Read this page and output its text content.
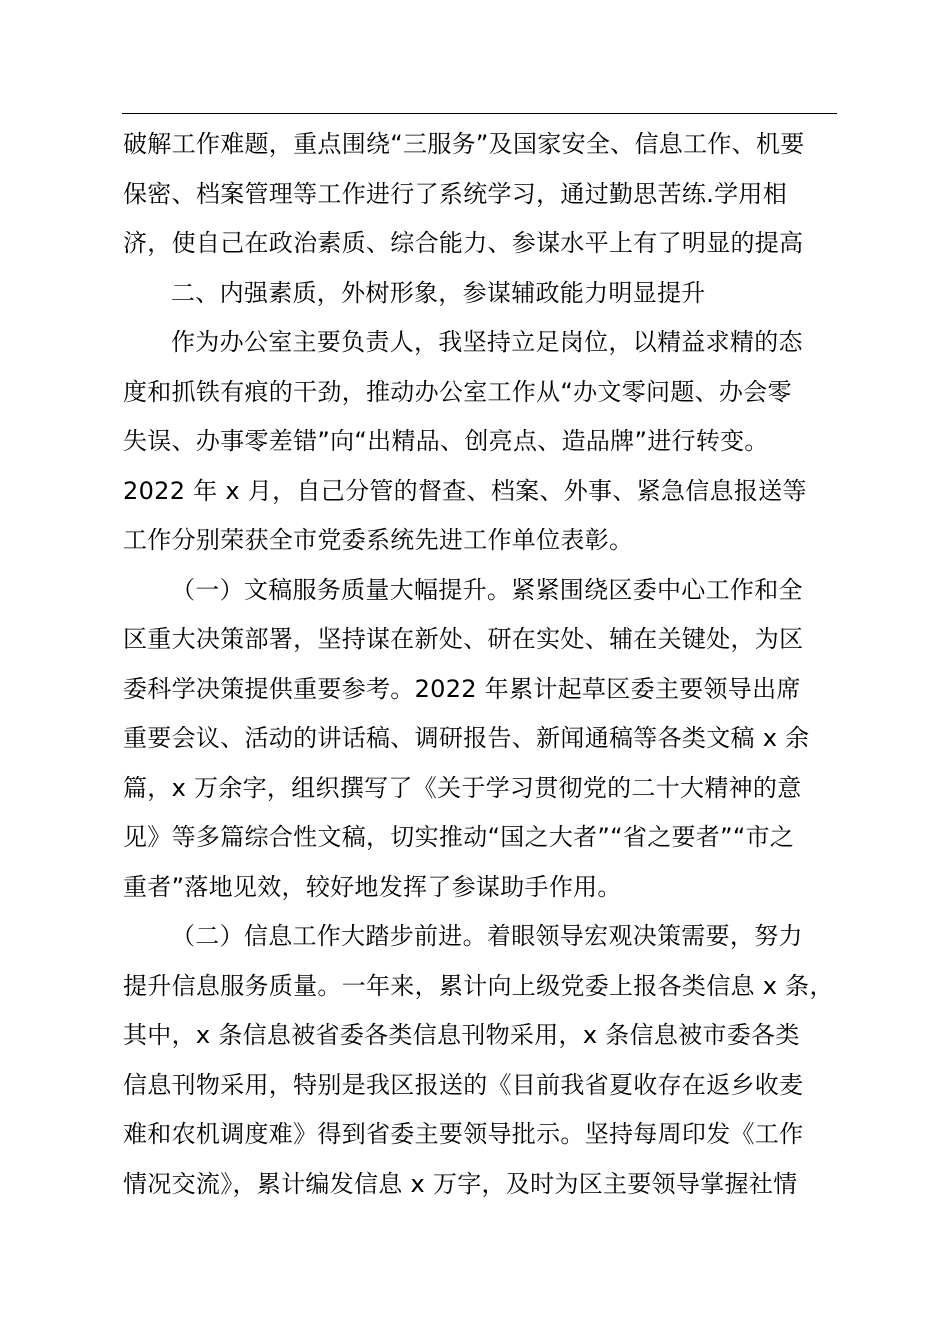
破解工作难题，重点围绕“三服务”及国家安全、信息工作、机要
保密、档案管理等工作进行了系统学习，通过勤思苦练.学用相
济，使自己在政治素质、综合能力、参谋水平上有了明显的提高
二、内强素质，外树形象，参谋辅政能力明显提升
作为办公室主要负责人，我坚持立足岗位，以精益求精的态
度和抓铁有痕的干劲，推动办公室工作从“办文零问题、办会零
失误、办事零差错”向“出精品、创亮点、造品牌”进行转变。
2022 年 x 月，自己分管的督查、档案、外事、紧急信息报送等
工作分别荣获全市党委系统先进工作单位表彰。
（一）文稿服务质量大幅提升。紧紧围绕区委中心工作和全
区重大决策部署，坚持谋在新处、研在实处、辅在关键处，为区
委科学决策提供重要参考。2022 年累计起草区委主要领导出席
重要会议、活动的讲话稿、调研报告、新闻通稿等各类文稿 x 余
篇，x 万余字，组织撰写了《关于学习贯彻党的二十大精神的意
见》等多篇综合性文稿，切实推动“国之大者”“省之要者”“市之
重者”落地见效，较好地发挥了参谋助手作用。
（二）信息工作大踏步前进。着眼领导宏观决策需要，努力
提升信息服务质量。一年来，累计向上级党委上报各类信息 x 条，
其中，x 条信息被省委各类信息刊物采用，x 条信息被市委各类
信息刊物采用，特别是我区报送的《目前我省夏收存在返乡收麦
难和农机调度难》得到省委主要领导批示。坚持每周印发《工作
情况交流》，累计编发信息 x 万字，及时为区主要领导掌握社情
